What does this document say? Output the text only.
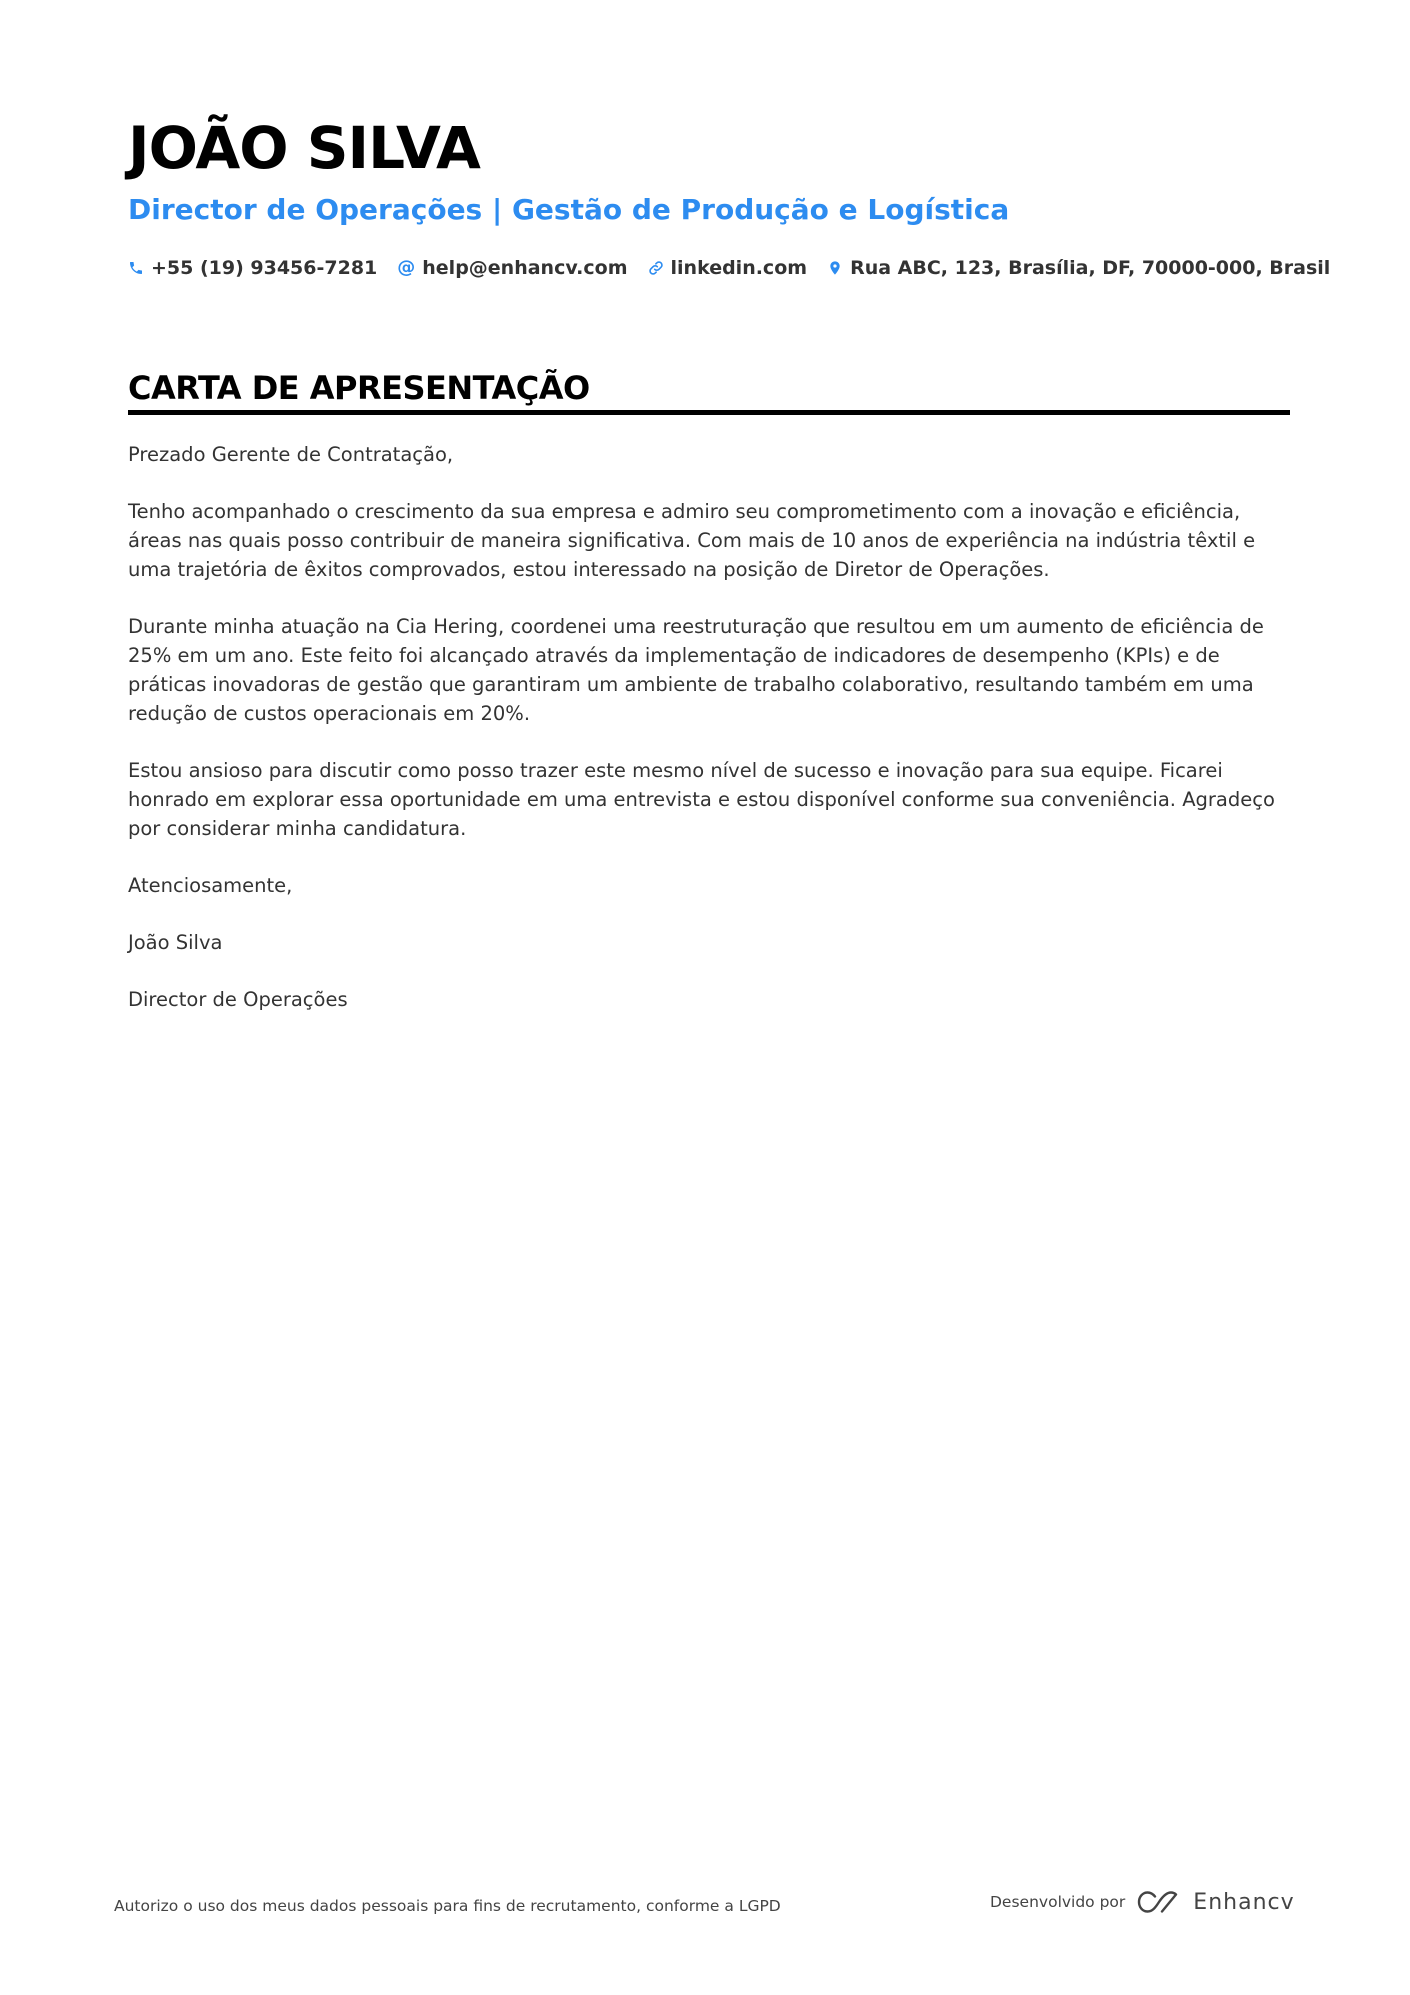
JOÃO SILVA
Director de Operações | Gestão de Produção e Logística
+55 (19) 93456-7281 @ help@enhancv.com linkedin.com Rua ABC, 123, Brasília, DF, 70000-000, Brasil
CARTA DE APRESENTAÇÃO

Prezado Gerente de Contratação,

Tenho acompanhado o crescimento da sua empresa e admiro seu comprometimento com a inovação e eficiência, áreas nas quais posso contribuir de maneira significativa. Com mais de 10 anos de experiência na indústria têxtil e uma trajetória de êxitos comprovados, estou interessado na posição de Diretor de Operações.

Durante minha atuação na Cia Hering, coordenei uma reestruturação que resultou em um aumento de eficiência de 25% em um ano. Este feito foi alcançado através da implementação de indicadores de desempenho (KPIs) e de práticas inovadoras de gestão que garantiram um ambiente de trabalho colaborativo, resultando também em uma redução de custos operacionais em 20%.

Estou ansioso para discutir como posso trazer este mesmo nível de sucesso e inovação para sua equipe. Ficarei honrado em explorar essa oportunidade em uma entrevista e estou disponível conforme sua conveniência. Agradeço por considerar minha candidatura.

Atenciosamente,

João Silva

Director de Operações

Autorizo o uso dos meus dados pessoais para fins de recrutamento, conforme a LGPD	Desenvolvido por	Enhancv
